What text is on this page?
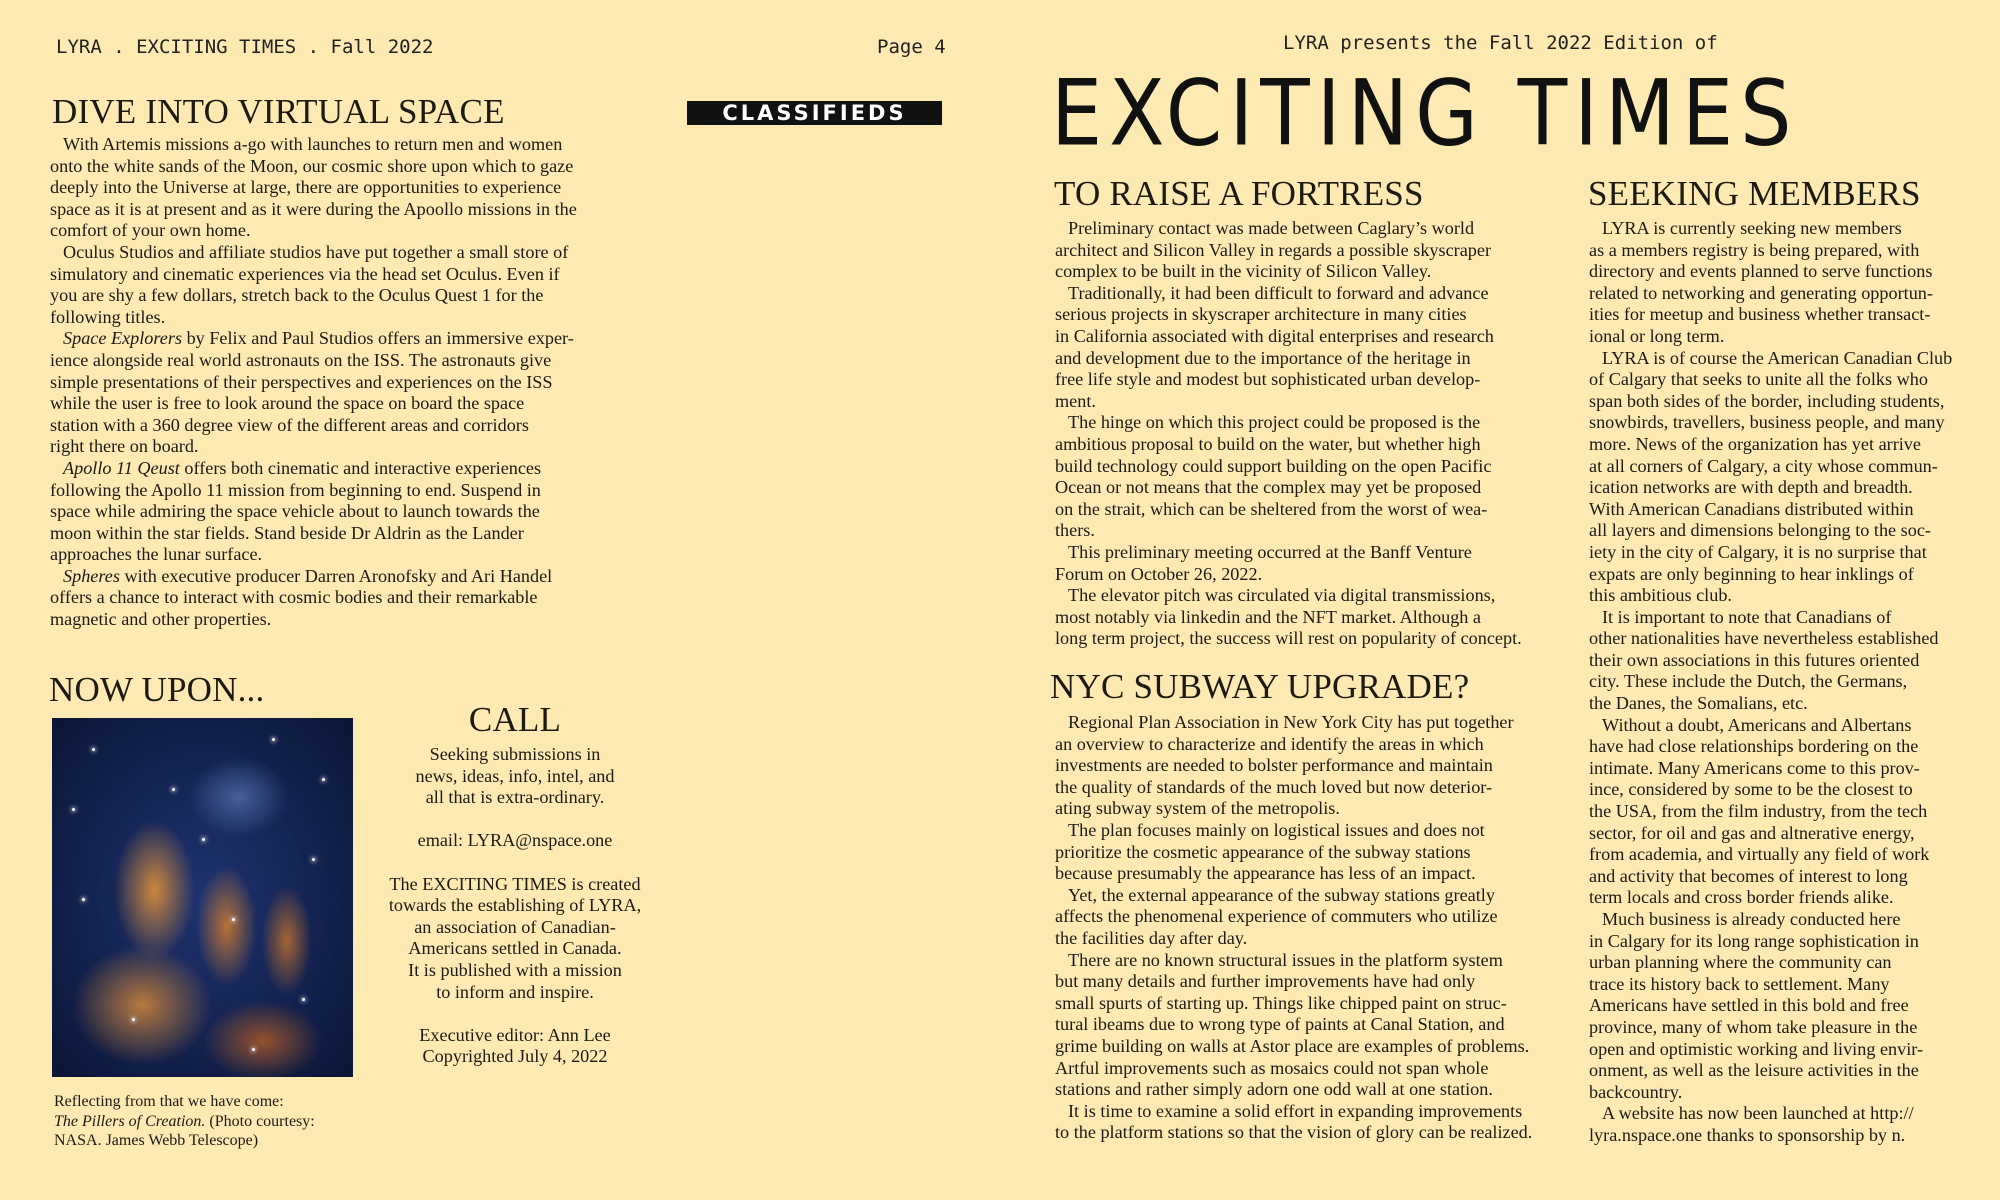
LYRA . EXCITING TIMES . Fall 2022	Page 4
CLASSIFIEDS
DIVE INTO VIRTUAL SPACE

With Artemis missions a-go with launches to return men and women
onto the white sands of the Moon, our cosmic shore upon which to gaze
deeply into the Universe at large, there are opportunities to experience
space as it is at present and as it were during the Apoollo missions in the
comfort of your own home.

Oculus Studios and affiliate studios have put together a small store of
simulatory and cinematic experiences via the head set Oculus. Even if
you are shy a few dollars, stretch back to the Oculus Quest 1 for the
following titles.

Space Explorers by Felix and Paul Studios offers an immersive exper-
ience alongside real world astronauts on the ISS. The astronauts give
simple presentations of their perspectives and experiences on the ISS
while the user is free to look around the space on board the space
station with a 360 degree view of the different areas and corridors
right there on board.

Apollo 11 Qeust offers both cinematic and interactive experiences
following the Apollo 11 mission from beginning to end. Suspend in
space while admiring the space vehicle about to launch towards the
moon within the star fields. Stand beside Dr Aldrin as the Lander
approaches the lunar surface.

Spheres with executive producer Darren Aronofsky and Ari Handel
offers a chance to interact with cosmic bodies and their remarkable
magnetic and other properties.

NOW UPON...
Reflecting from that we have come:
The Pillers of Creation. (Photo courtesy:
NASA. James Webb Telescope)
CALL

Seeking submissions in
news, ideas, info, intel, and
all that is extra-ordinary.

email: LYRA@nspace.one

The EXCITING TIMES is created
towards the establishing of LYRA,
an association of Canadian-
Americans settled in Canada.
It is published with a mission
to inform and inspire.

Executive editor: Ann Lee
Copyrighted July 4, 2022

LYRA presents the Fall 2022 Edition of
EXCITING TIMES
TO RAISE A FORTRESS

Preliminary contact was made between Caglary’s world
architect and Silicon Valley in regards a possible skyscraper
complex to be built in the vicinity of Silicon Valley.

Traditionally, it had been difficult to forward and advance
serious projects in skyscraper architecture in many cities
in California associated with digital enterprises and research
and development due to the importance of the heritage in
free life style and modest but sophisticated urban develop-
ment.

The hinge on which this project could be proposed is the
ambitious proposal to build on the water, but whether high
build technology could support building on the open Pacific
Ocean or not means that the complex may yet be proposed
on the strait, which can be sheltered from the worst of wea-
thers.

This preliminary meeting occurred at the Banff Venture
Forum on October 26, 2022.

The elevator pitch was circulated via digital transmissions,
most notably via linkedin and the NFT market. Although a
long term project, the success will rest on popularity of concept.

NYC SUBWAY UPGRADE?

Regional Plan Association in New York City has put together
an overview to characterize and identify the areas in which
investments are needed to bolster performance and maintain
the quality of standards of the much loved but now deterior-
ating subway system of the metropolis.

The plan focuses mainly on logistical issues and does not
prioritize the cosmetic appearance of the subway stations
because presumably the appearance has less of an impact.

Yet, the external appearance of the subway stations greatly
affects the phenomenal experience of commuters who utilize
the facilities day after day.

There are no known structural issues in the platform system
but many details and further improvements have had only
small spurts of starting up. Things like chipped paint on struc-
tural ibeams due to wrong type of paints at Canal Station, and
grime building on walls at Astor place are examples of problems.
Artful improvements such as mosaics could not span whole
stations and rather simply adorn one odd wall at one station.

It is time to examine a solid effort in expanding improvements
to the platform stations so that the vision of glory can be realized.

SEEKING MEMBERS

LYRA is currently seeking new members
as a members registry is being prepared, with
directory and events planned to serve functions
related to networking and generating opportun-
ities for meetup and business whether transact-
ional or long term.

LYRA is of course the American Canadian Club
of Calgary that seeks to unite all the folks who
span both sides of the border, including students,
snowbirds, travellers, business people, and many
more. News of the organization has yet arrive
at all corners of Calgary, a city whose commun-
ication networks are with depth and breadth.
With American Canadians distributed within
all layers and dimensions belonging to the soc-
iety in the city of Calgary, it is no surprise that
expats are only beginning to hear inklings of
this ambitious club.

It is important to note that Canadians of
other nationalities have nevertheless established
their own associations in this futures oriented
city. These include the Dutch, the Germans,
the Danes, the Somalians, etc.

Without a doubt, Americans and Albertans
have had close relationships bordering on the
intimate. Many Americans come to this prov-
ince, considered by some to be the closest to
the USA, from the film industry, from the tech
sector, for oil and gas and altnerative energy,
from academia, and virtually any field of work
and activity that becomes of interest to long
term locals and cross border friends alike.

Much business is already conducted here
in Calgary for its long range sophistication in
urban planning where the community can
trace its history back to settlement. Many
Americans have settled in this bold and free
province, many of whom take pleasure in the
open and optimistic working and living envir-
onment, as well as the leisure activities in the
backcountry.

A website has now been launched at http://
lyra.nspace.one thanks to sponsorship by n.
